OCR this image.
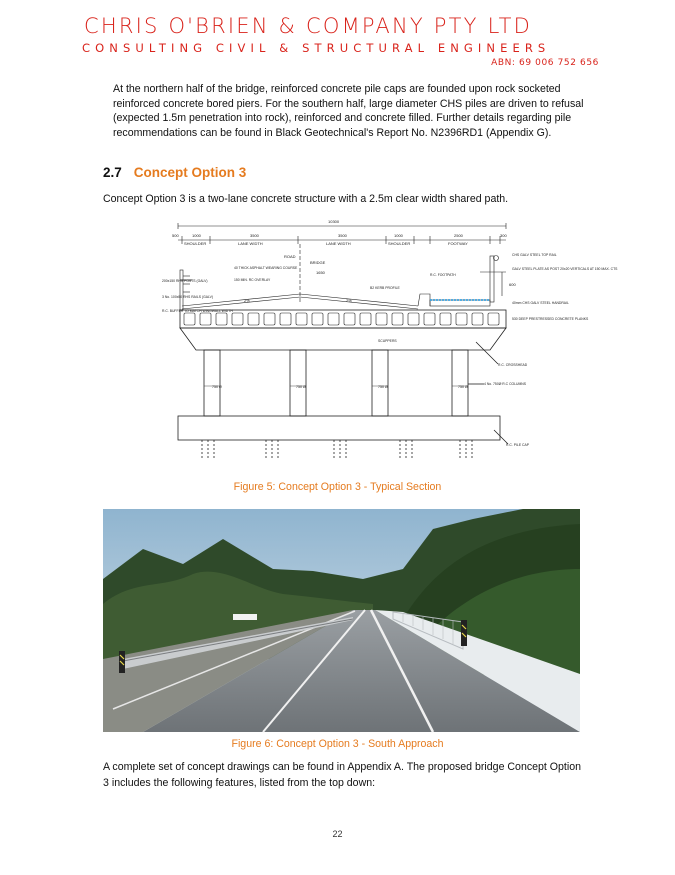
CHRIS O'BRIEN & COMPANY PTY LTD
CONSULTING CIVIL & STRUCTURAL ENGINEERS
ABN: 69 006 752 656

At the northern half of the bridge, reinforced concrete pile caps are founded upon rock socketed reinforced concrete bored piers. For the southern half, large diameter CHS piles are driven to refusal (expected 1.5m penetration into rock), reinforced and concrete filled. Further details regarding pile recommendations can be found in Black Geotechnical's Report No. N2396RD1 (Appendix G).

2.7 Concept Option 3

Concept Option 3 is a two-lane concrete structure with a 2.5m clear width shared path.

10300
500	1000	3500	3500	1000	2500	300
SHOULDER	LANE WIDTH	LANE WIDTH	SHOULDER	FOOTWAY
ROAD
BRIDGE
1650
600
2%	2%
750 Ø	750 Ø	750 Ø	750 Ø
200x150 RHS POSTS (GALV)
3 No. 100x50 RHS RAILS (GALV)
R.C. BUFFER TO MATCH WINGWALL WIDTH
40 THICK ASPHALT WEARING COURSE
150 MIN. RC OVERLAY
R.C. FOOTPATH
B2 KERB PROFILE
SCUPPERS
CHS GALV STEEL TOP RAIL
GALV STEEL PLATE AS POST 20x20 VERTICALS AT 150 MAX. CTS
40mm CHS GALV STEEL HANDRAIL
530 DEEP PRESTRESSED CONCRETE PLANKS
R.C. CROSSHEAD
4 No. 750Ø R.C COLUMNS
R.C. PILE CAP
Figure 5: Concept Option 3 - Typical Section
Figure 6: Concept Option 3 - South Approach

A complete set of concept drawings can be found in Appendix A. The proposed bridge Concept Option 3 includes the following features, listed from the top down:

22
